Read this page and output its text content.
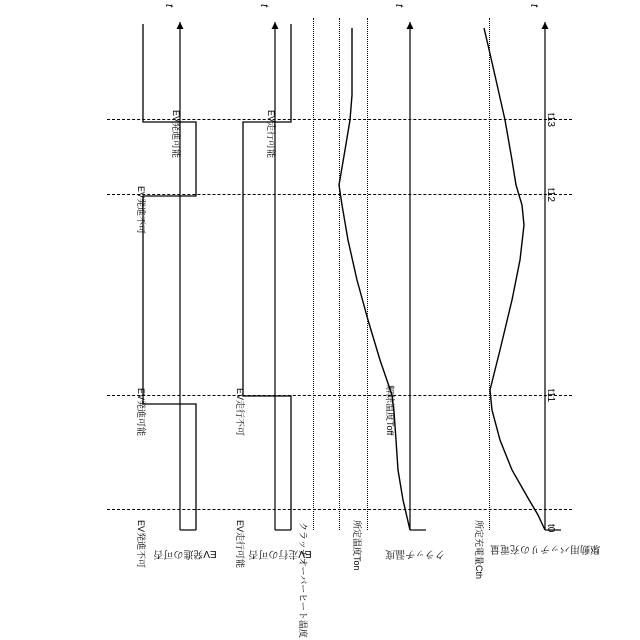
t	t	t	t
t0
t11
t12
t13
EV発進不可
EV発進可能
EV発進不可
EV発進可能
EV走行可能
EV走行不可
EV走行可能
クラッチオーバーヒート温度
解除温度Toff
所定温度Ton	所定充電量Cth
EV発進の可否	EV走行の可否	クラッチ温度	駆動用バッテリの充電量
